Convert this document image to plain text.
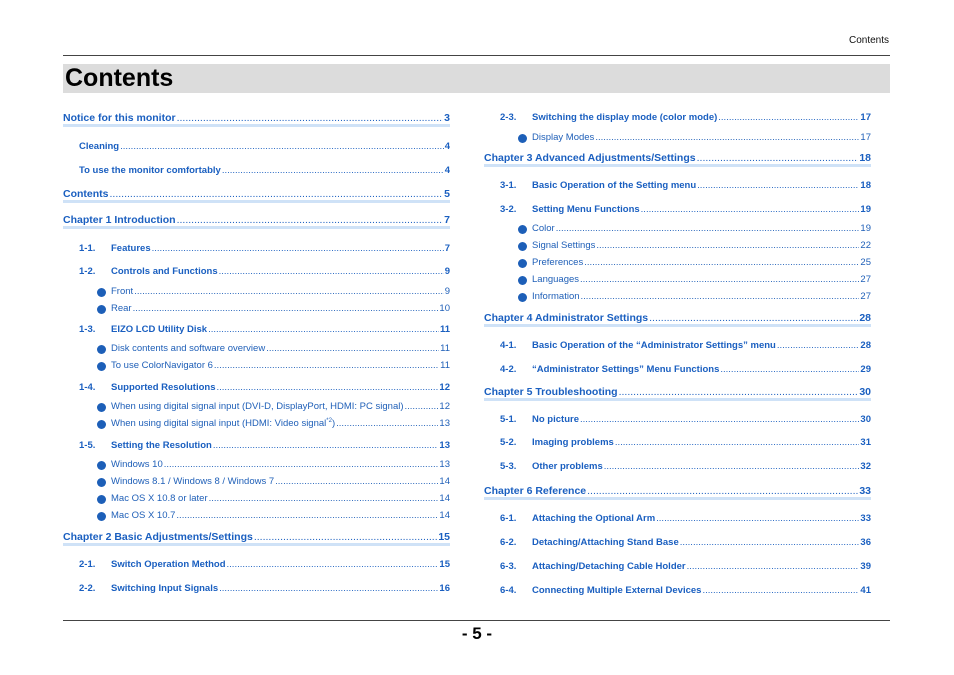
Contents
Contents
Notice for this monitor .....	3
Cleaning .....	4
To use the monitor comfortably .....	4
Contents .....	5
Chapter 1 Introduction .....	7
1-1. Features .....	7
1-2. Controls and Functions .....	9
Front .....	9
Rear .....	10
1-3. EIZO LCD Utility Disk .....	11
Disk contents and software overview .....	11
To use ColorNavigator 6 .....	11
1-4. Supported Resolutions .....	12
When using digital signal input (DVI-D, DisplayPort, HDMI: PC signal) .....	12
When using digital signal input (HDMI: Video signal$^{*2}$) .....	13
1-5. Setting the Resolution .....	13
Windows 10 .....	13
Windows 8.1 / Windows 8 / Windows 7 .....	14
Mac OS X 10.8 or later .....	14
Mac OS X 10.7 .....	14
Chapter 2 Basic Adjustments/Settings .....	15
2-1. Switch Operation Method .....	15
2-2. Switching Input Signals .....	16
2-3. Switching the display mode (color mode) .....	17
Display Modes .....	17
Chapter 3 Advanced Adjustments/Settings .....	18
3-1. Basic Operation of the Setting menu .....	18
3-2. Setting Menu Functions .....	19
Color .....	19
Signal Settings .....	22
Preferences .....	25
Languages .....	27
Information .....	27
Chapter 4 Administrator Settings .....	28
4-1. Basic Operation of the “Administrator Settings” menu .....	28
4-2. “Administrator Settings” Menu Functions .....	29
Chapter 5 Troubleshooting .....	30
5-1. No picture .....	30
5-2. Imaging problems .....	31
5-3. Other problems .....	32
Chapter 6 Reference .....	33
6-1. Attaching the Optional Arm .....	33
6-2. Detaching/Attaching Stand Base .....	36
6-3. Attaching/Detaching Cable Holder .....	39
6-4. Connecting Multiple External Devices .....	41
- 5 -
